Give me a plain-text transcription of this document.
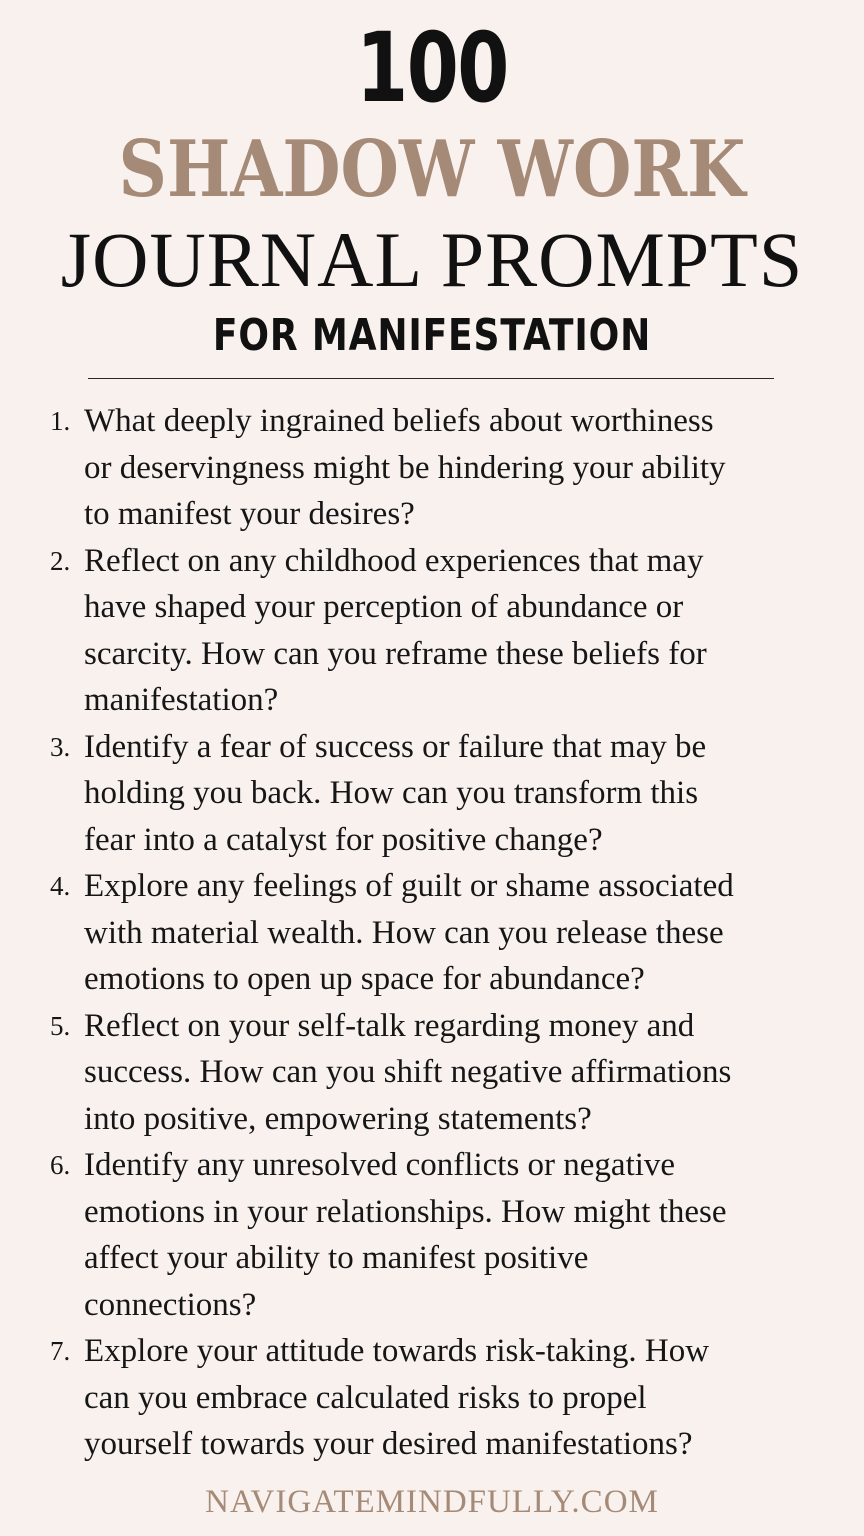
100
SHADOW WORK
JOURNAL PROMPTS
FOR MANIFESTATION
1. What deeply ingrained beliefs about worthiness
or deservingness might be hindering your ability
to manifest your desires?
2. Reflect on any childhood experiences that may
have shaped your perception of abundance or
scarcity. How can you reframe these beliefs for
manifestation?
3. Identify a fear of success or failure that may be
holding you back. How can you transform this
fear into a catalyst for positive change?
4. Explore any feelings of guilt or shame associated
with material wealth. How can you release these
emotions to open up space for abundance?
5. Reflect on your self-talk regarding money and
success. How can you shift negative affirmations
into positive, empowering statements?
6. Identify any unresolved conflicts or negative
emotions in your relationships. How might these
affect your ability to manifest positive
connections?
7. Explore your attitude towards risk-taking. How
can you embrace calculated risks to propel
yourself towards your desired manifestations?
NAVIGATEMINDFULLY.COM
